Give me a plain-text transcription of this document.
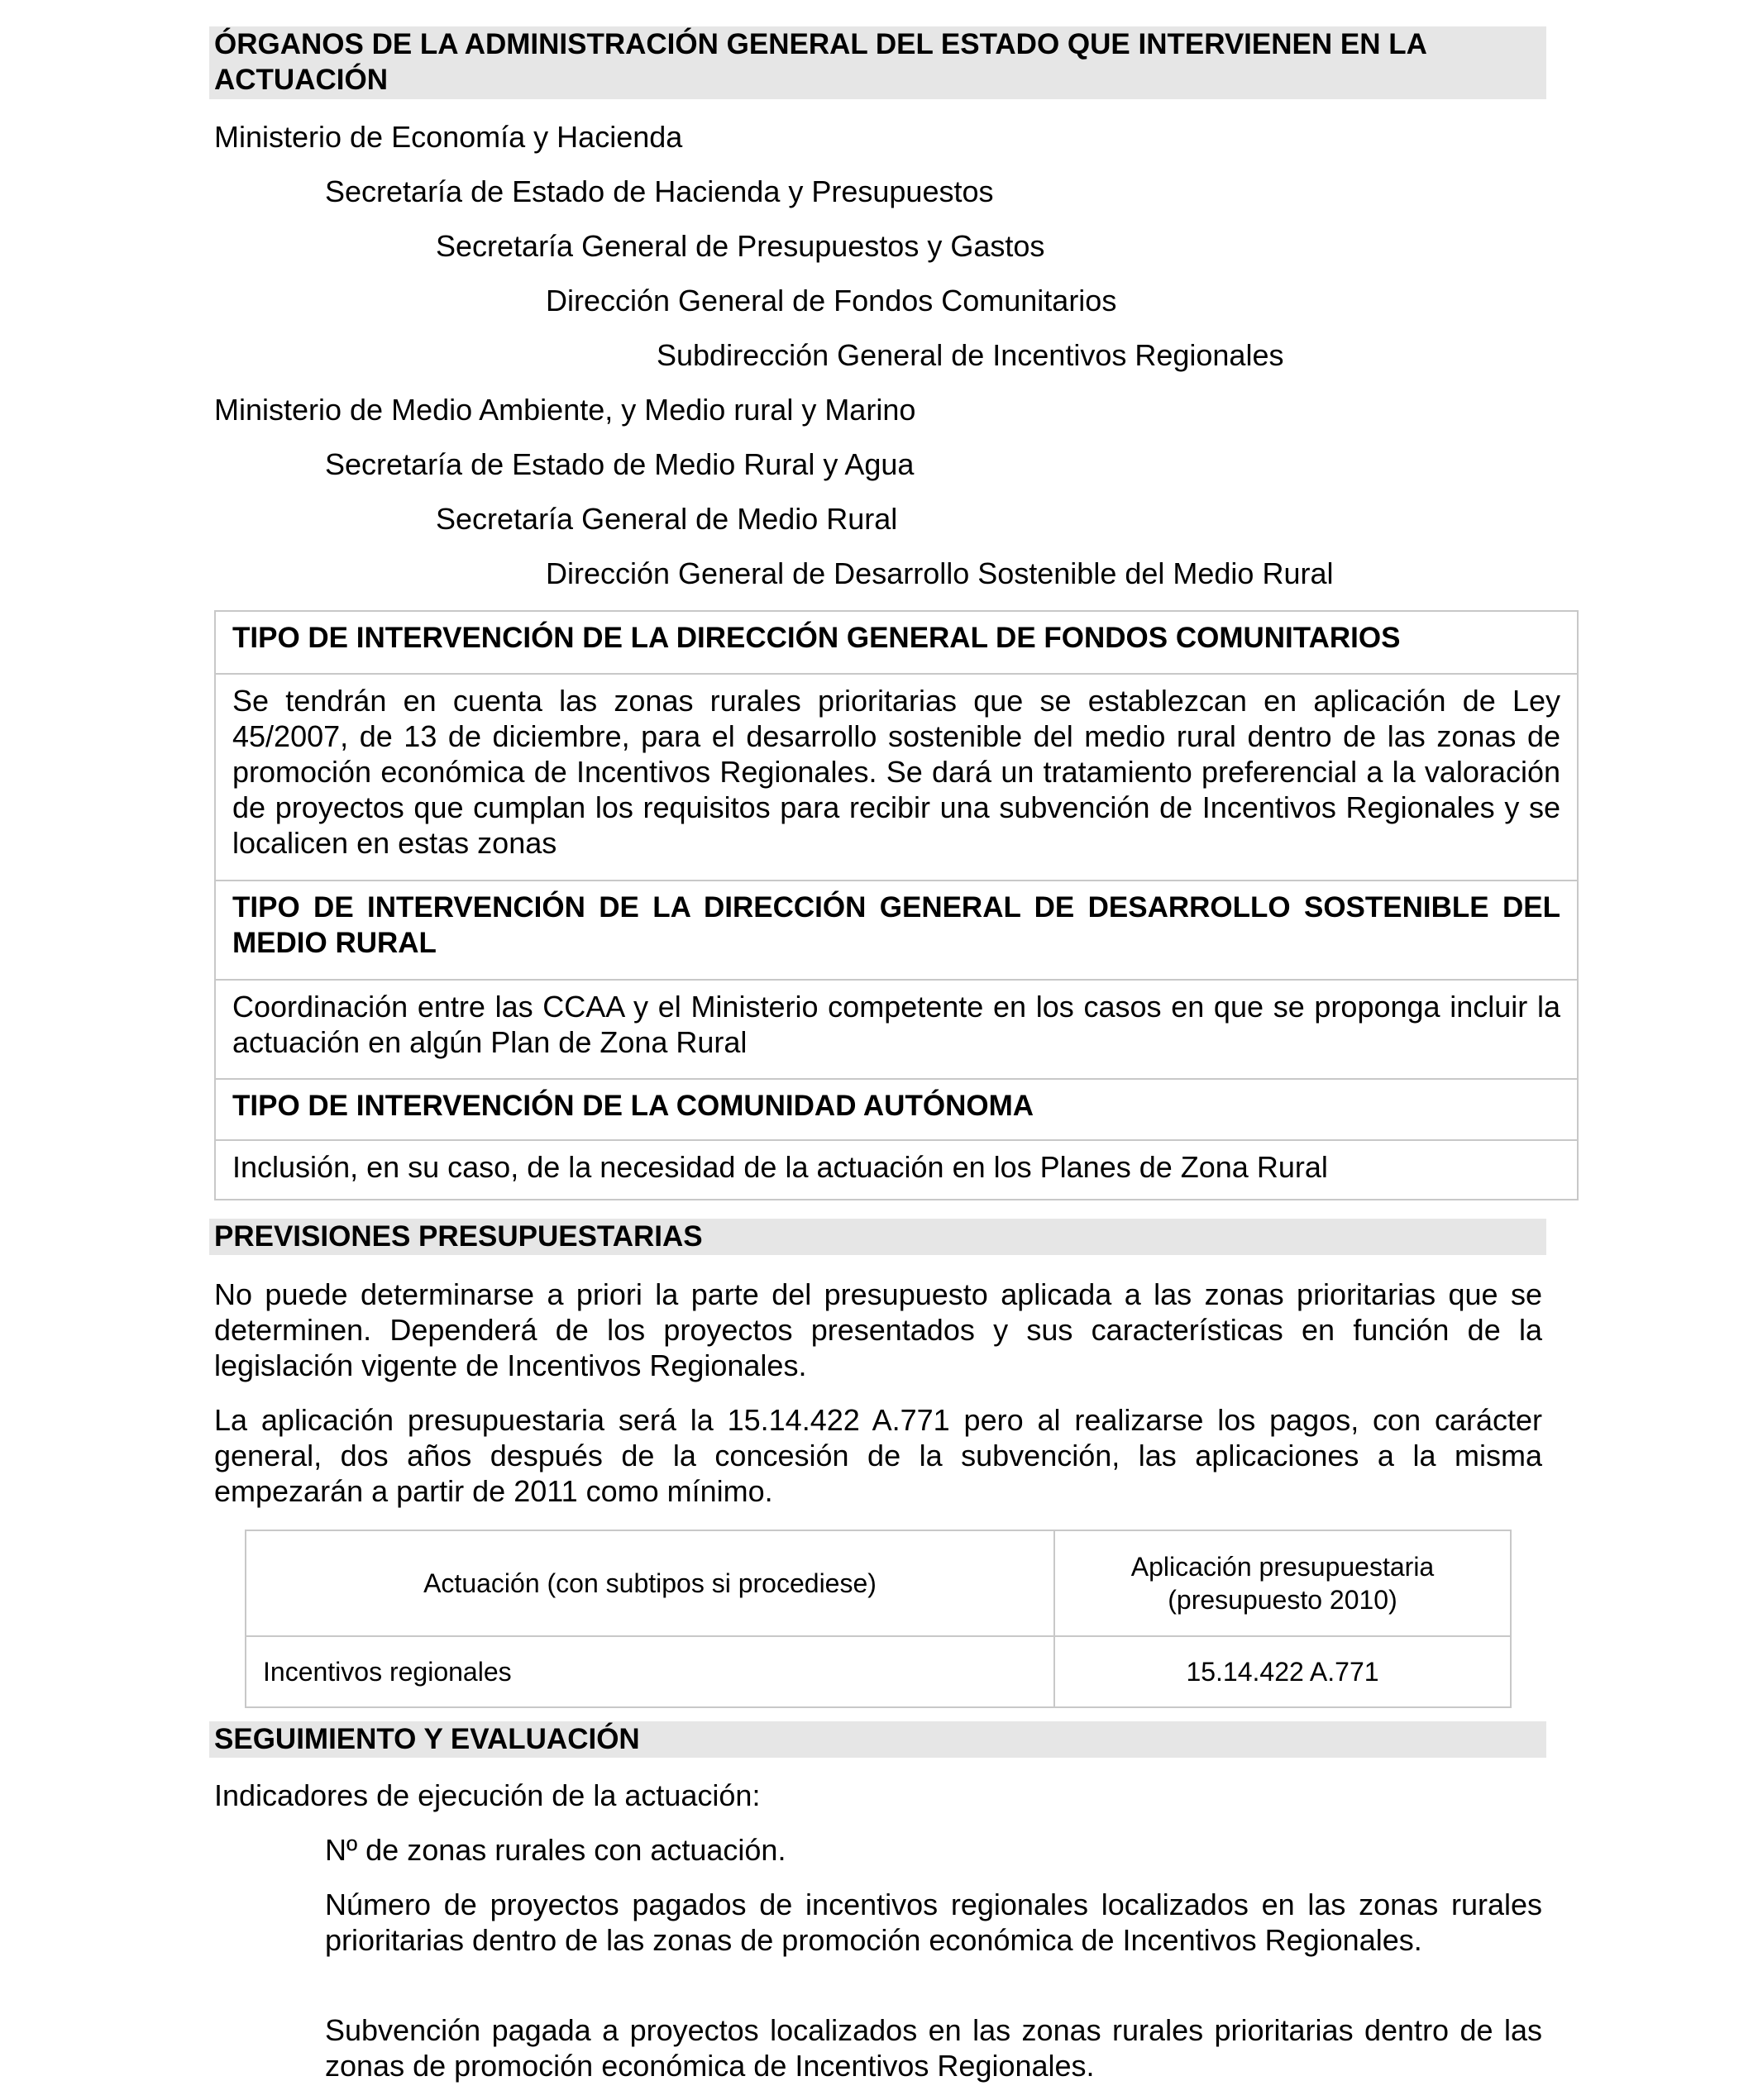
ÓRGANOS DE LA ADMINISTRACIÓN GENERAL DEL ESTADO QUE INTERVIENEN EN LA ACTUACIÓN
Ministerio de Economía y Hacienda
Secretaría de Estado de Hacienda y Presupuestos
Secretaría General de Presupuestos y Gastos
Dirección General de Fondos Comunitarios
Subdirección General de Incentivos Regionales
Ministerio de Medio Ambiente, y Medio rural y Marino
Secretaría de Estado de Medio Rural y Agua
Secretaría General de Medio Rural
Dirección General de Desarrollo Sostenible del Medio Rural
TIPO DE INTERVENCIÓN DE LA DIRECCIÓN GENERAL DE FONDOS COMUNITARIOS
Se tendrán en cuenta las zonas rurales prioritarias que se establezcan en aplicación de Ley 45/2007, de 13 de diciembre, para el desarrollo sostenible del medio rural dentro de las zonas de promoción económica de Incentivos Regionales. Se dará un tratamiento preferencial a la valoración de proyectos que cumplan los requisitos para recibir una subvención de Incentivos Regionales y se localicen en estas zonas
TIPO DE INTERVENCIÓN DE LA DIRECCIÓN GENERAL DE DESARROLLO SOSTENIBLE DEL MEDIO RURAL
Coordinación entre las CCAA y el Ministerio competente en los casos en que se proponga incluir la actuación en algún Plan de Zona Rural
TIPO DE INTERVENCIÓN DE LA COMUNIDAD AUTÓNOMA
Inclusión, en su caso, de la necesidad de la actuación en los Planes de Zona Rural
PREVISIONES PRESUPUESTARIAS
No puede determinarse a priori la parte del presupuesto aplicada a las zonas prioritarias que se determinen. Dependerá de los proyectos presentados y sus características en función de la legislación vigente de Incentivos Regionales.
La aplicación presupuestaria será la 15.14.422 A.771 pero al realizarse los pagos, con carácter general, dos años después de la concesión de la subvención, las aplicaciones a la misma empezarán a partir de 2011 como mínimo.
Actuación (con subtipos si procediese)	Aplicación presupuestaria
(presupuesto 2010)

Incentivos regionales	15.14.422 A.771
SEGUIMIENTO Y EVALUACIÓN
Indicadores de ejecución de la actuación:
Nº de zonas rurales con actuación.
Número de proyectos pagados de incentivos regionales localizados en las zonas rurales prioritarias dentro de las zonas de promoción económica de Incentivos Regionales.
Subvención pagada a proyectos localizados en las zonas rurales prioritarias dentro de las zonas de promoción económica de Incentivos Regionales.
